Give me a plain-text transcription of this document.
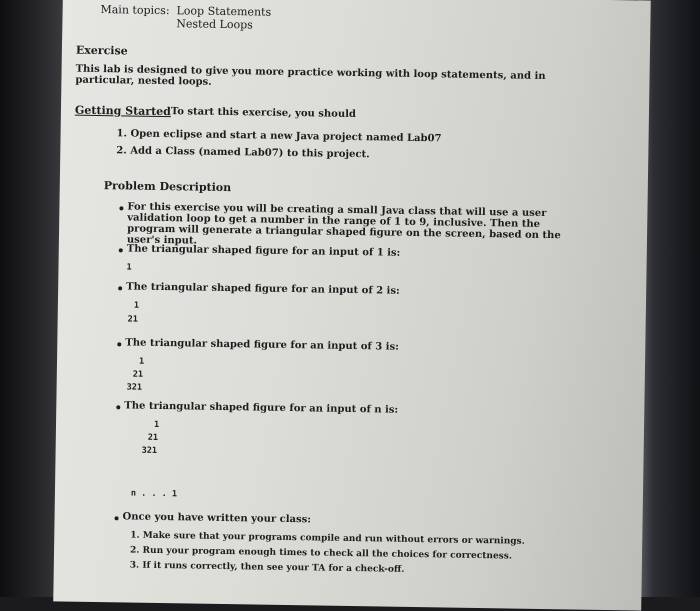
Main topics: Loop Statements
Nested Loops
Exercise
This lab is designed to give you more practice working with loop statements, and in particular, nested loops.
Getting Started To start this exercise, you should
1. Open eclipse and start a new Java project named Lab07
2. Add a Class (named Lab07) to this project.
Problem Description
For this exercise you will be creating a small Java class that will use a user validation loop to get a number in the range of 1 to 9, inclusive. Then the program will generate a triangular shaped figure on the screen, based on the user's input.
The triangular shaped figure for an input of 1 is:
1
The triangular shaped figure for an input of 2 is:
1
21
The triangular shaped figure for an input of 3 is:
1
21
321
The triangular shaped figure for an input of n is:
1
21
321
n . . . 1
Once you have written your class:
1. Make sure that your programs compile and run without errors or warnings.
2. Run your program enough times to check all the choices for correctness.
3. If it runs correctly, then see your TA for a check-off.
